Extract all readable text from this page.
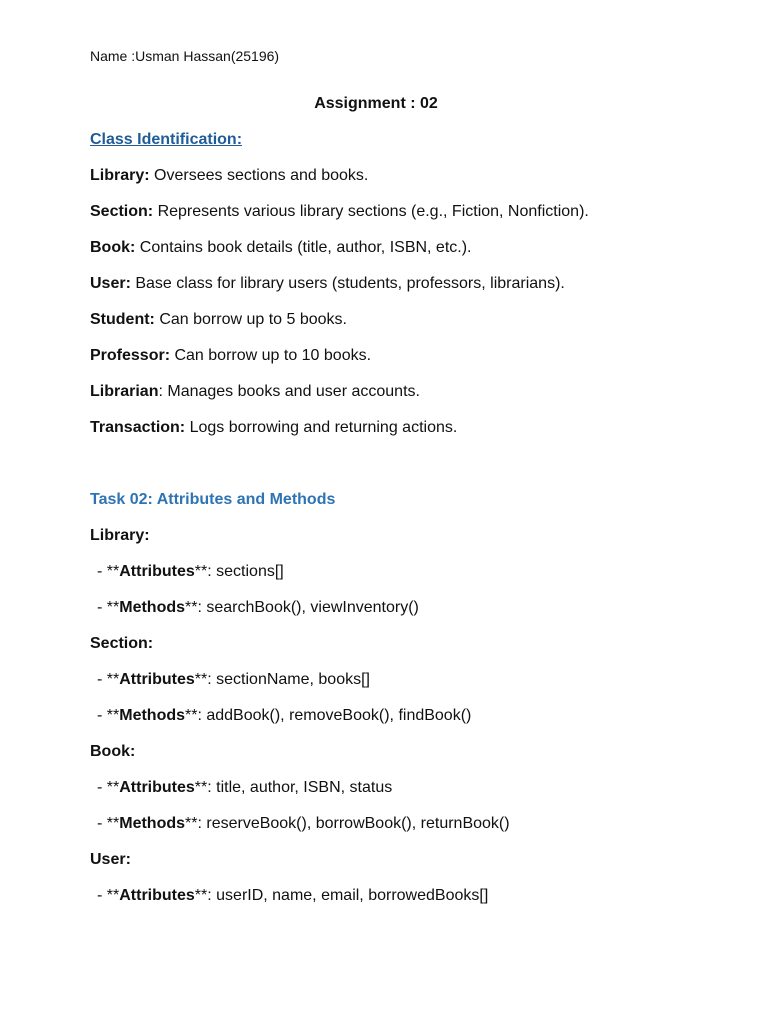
Name :Usman Hassan(25196)
Assignment : 02
Class Identification:
Library: Oversees sections and books.
Section: Represents various library sections (e.g., Fiction, Nonfiction).
Book: Contains book details (title, author, ISBN, etc.).
User: Base class for library users (students, professors, librarians).
Student: Can borrow up to 5 books.
Professor: Can borrow up to 10 books.
Librarian: Manages books and user accounts.
Transaction: Logs borrowing and returning actions.
Task 02: Attributes and Methods
Library:
- **Attributes**: sections[]
- **Methods**: searchBook(), viewInventory()
Section:
- **Attributes**: sectionName, books[]
- **Methods**: addBook(), removeBook(), findBook()
Book:
- **Attributes**: title, author, ISBN, status
- **Methods**: reserveBook(), borrowBook(), returnBook()
User:
- **Attributes**: userID, name, email, borrowedBooks[]
